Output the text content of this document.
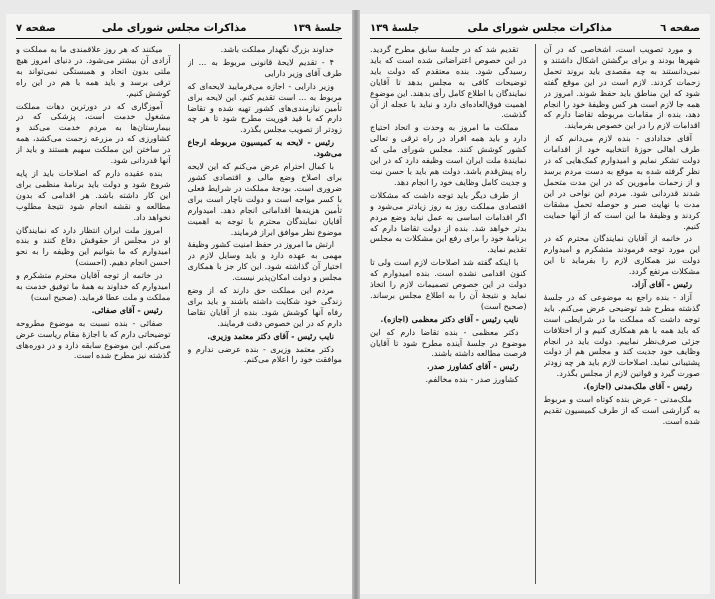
جلسهٔ ۱۳۹
مذاکرات مجلس شورای ملی
صفحه ۷

خداوند بزرگ نگهدار مملکت باشد.

۴ - تقدیم لایحهٔ قانونی مربوط به ... از طرف آقای وزیر دارایی

وزیر دارایی - اجازه می‌فرمایید لایحه‌ای که مربوط به ... است تقدیم کنم. این لایحه برای تأمین نیازمندی‌های کشور تهیه شده و تقاضا دارم که با قید فوریت مطرح شود تا هر چه زودتر از تصویب مجلس بگذرد.

رئیس - لایحه به کمیسیون مربوطه ارجاع می‌شود.

با کمال احترام عرض می‌کنم که این لایحه برای اصلاح وضع مالی و اقتصادی کشور ضروری است. بودجهٔ مملکت در شرایط فعلی با کسر مواجه است و دولت ناچار است برای تأمین هزینه‌ها اقداماتی انجام دهد. امیدوارم آقایان نمایندگان محترم با توجه به اهمیت موضوع نظر موافق ابراز فرمایند.

ارتش ما امروز در حفظ امنیت کشور وظیفهٔ مهمی به عهده دارد و باید وسایل لازم در اختیار آن گذاشته شود. این کار جز با همکاری مجلس و دولت امکان‌پذیر نیست.

مردم این مملکت حق دارند که از وضع زندگی خود شکایت داشته باشند و باید برای رفاه آنها کوشش شود. بنده از آقایان تقاضا دارم که در این خصوص دقت فرمایند.

نایب رئیس - آقای دکتر معتمد وزیری.

دکتر معتمد وزیری - بنده عرضی ندارم و موافقت خود را اعلام می‌کنم.

میکنند که هر روز علاقمندی ما به مملکت و آزادی آن بیشتر می‌شود. در دنیای امروز هیچ ملتی بدون اتحاد و همبستگی نمی‌تواند به ترقی برسد و باید همه با هم در این راه کوشش کنیم.

آموزگاری که در دورترین دهات مملکت مشغول خدمت است، پزشکی که در بیمارستان‌ها به مردم خدمت می‌کند و کشاورزی که در مزرعه زحمت می‌کشد، همه در ساختن این مملکت سهیم هستند و باید از آنها قدردانی شود.

بنده عقیده دارم که اصلاحات باید از پایه شروع شود و دولت باید برنامهٔ منظمی برای این کار داشته باشد. هر اقدامی که بدون مطالعه و نقشه انجام شود نتیجهٔ مطلوب نخواهد داد.

امروز ملت ایران انتظار دارد که نمایندگان او در مجلس از حقوقش دفاع کنند و بنده امیدوارم که ما بتوانیم این وظیفه را به نحو احسن انجام دهیم. (احسنت)

در خاتمه از توجه آقایان محترم متشکرم و امیدوارم که خداوند به همهٔ ما توفیق خدمت به مملکت و ملت عطا فرماید. (صحیح است)

رئیس - آقای صفائی.

صفائی - بنده نسبت به موضوع مطروحه توضیحاتی دارم که با اجازهٔ مقام ریاست عرض می‌کنم. این موضوع سابقه دارد و در دوره‌های گذشته نیز مطرح شده است.

صفحه ٦
مذاکرات مجلس شورای ملی
جلسهٔ ۱۳۹

و مورد تصویب است، اشخاصی که در آن شهرها بودند و برای برگشتن اشکال داشتند و نمی‌دانستند به چه مقصدی باید بروند تحمل زحمات کردند. لازم است در این موقع گفته شود که این مناطق باید حفظ شوند. امروز در همه جا لازم است هر کس وظیفهٔ خود را انجام دهد، بنده از مقامات مربوطه تقاضا دارم که اقدامات لازم را در این خصوص بفرمایند.

آقای خدادادی - بنده لازم می‌دانم که از طرف اهالی حوزهٔ انتخابیه خود از اقدامات دولت تشکر نمایم و امیدوارم کمک‌هایی که در نظر گرفته شده به موقع به دست مردم برسد و از زحمات مأمورین که در این مدت متحمل شدند قدردانی شود. مردم این نواحی در این مدت با نهایت صبر و حوصله تحمل مشقات کردند و وظیفهٔ ما این است که از آنها حمایت کنیم.

در خاتمه از آقایان نمایندگان محترم که در این مورد توجه فرمودند متشکرم و امیدوارم دولت نیز همکاری لازم را بفرماید تا این مشکلات مرتفع گردد.

رئیس - آقای آزاد.

آزاد - بنده راجع به موضوعی که در جلسهٔ گذشته مطرح شد توضیحی عرض می‌کنم. باید توجه داشت که مملکت ما در شرایطی است که باید همه با هم همکاری کنیم و از اختلافات جزئی صرف‌نظر نماییم. دولت باید در انجام وظایف خود جدیت کند و مجلس هم از دولت پشتیبانی نماید. اصلاحات لازم باید هر چه زودتر صورت گیرد و قوانین لازم از مجلس بگذرد.

رئیس - آقای ملک‌مدنی (اجازه).

ملک‌مدنی - عرض بنده کوتاه است و مربوط به گزارشی است که از طرف کمیسیون تقدیم شده است.

تقدیم شد که در جلسهٔ سابق مطرح گردید. در این خصوص اعتراضاتی شده است که باید رسیدگی شود. بنده معتقدم که دولت باید توضیحات کافی به مجلس بدهد تا آقایان نمایندگان با اطلاع کامل رأی بدهند. این موضوع اهمیت فوق‌العاده‌ای دارد و نباید با عجله از آن گذشت.

مملکت ما امروز به وحدت و اتحاد احتیاج دارد و باید همه افراد در راه ترقی و تعالی کشور کوشش کنند. مجلس شورای ملی که نمایندهٔ ملت ایران است وظیفه دارد که در این راه پیش‌قدم باشد. دولت هم باید با حسن نیت و جدیت کامل وظایف خود را انجام دهد.

از طرف دیگر باید توجه داشت که مشکلات اقتصادی مملکت روز به روز زیادتر می‌شود و اگر اقدامات اساسی به عمل نیاید وضع مردم بدتر خواهد شد. بنده از دولت تقاضا دارم که برنامهٔ خود را برای رفع این مشکلات به مجلس تقدیم نماید.

با اینکه گفته شد اصلاحات لازم است ولی تا کنون اقدامی نشده است. بنده امیدوارم که دولت در این خصوص تصمیمات لازم را اتخاذ نماید و نتیجهٔ آن را به اطلاع مجلس برساند. (صحیح است)

نایب رئیس - آقای دکتر معظمی (اجازه).

دکتر معظمی - بنده تقاضا دارم که این موضوع در جلسهٔ آینده مطرح شود تا آقایان فرصت مطالعه داشته باشند.

رئیس - آقای کشاورز صدر.

کشاورز صدر - بنده مخالفم.
